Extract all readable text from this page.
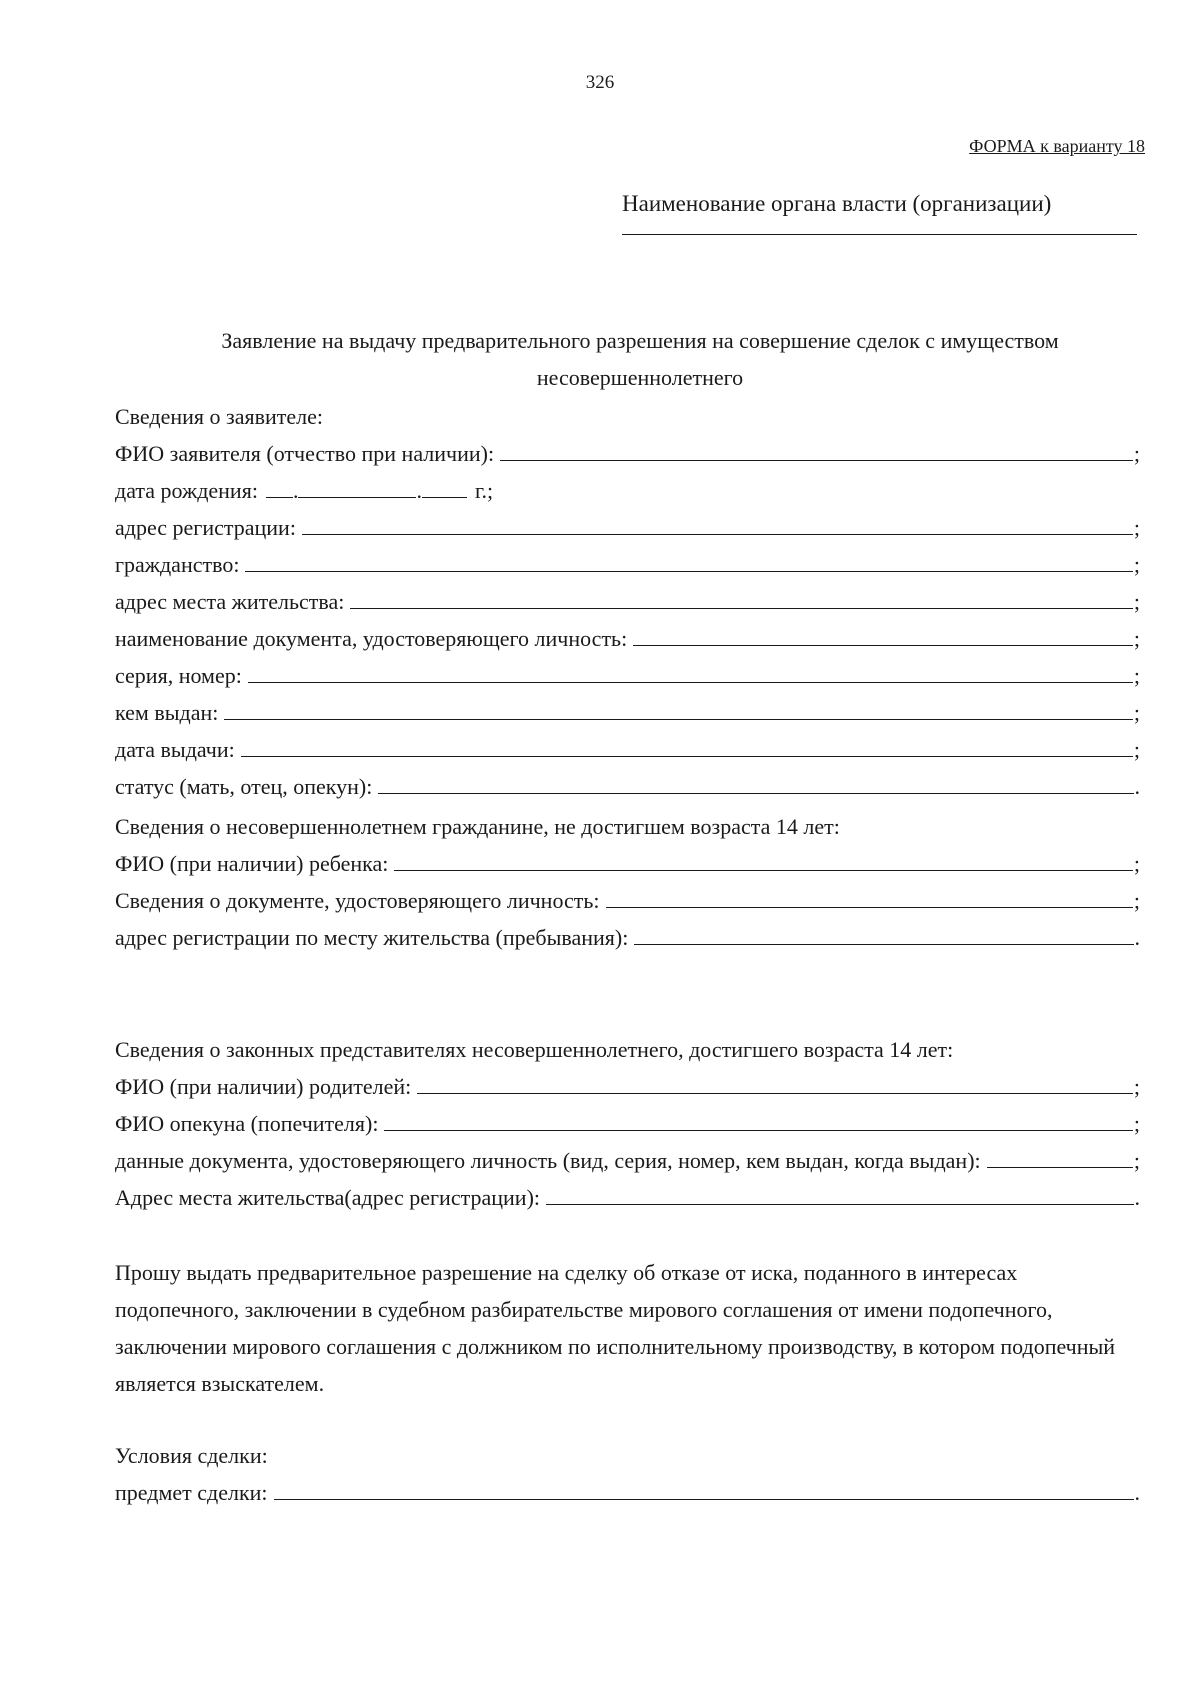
326
ФОРМА к варианту 18
Наименование органа власти (организации)
Заявление на выдачу предварительного разрешения на совершение сделок с имуществом несовершеннолетнего
Сведения о заявителе:
ФИО заявителя (отчество при наличии):	;
дата рождения: .	. г.;
адрес регистрации:	;
гражданство:	;
адрес места жительства:	;
наименование документа, удостоверяющего личность:	;
серия, номер:	;
кем выдан:	;
дата выдачи:	;
статус (мать, отец, опекун):	.
Сведения о несовершеннолетнем гражданине, не достигшем возраста 14 лет:
ФИО (при наличии) ребенка:	;
Сведения о документе, удостоверяющего личность:	;
адрес регистрации по месту жительства (пребывания):	.
Сведения о законных представителях несовершеннолетнего, достигшего возраста 14 лет:
ФИО (при наличии) родителей:	;
ФИО опекуна (попечителя):	;
данные документа, удостоверяющего личность (вид, серия, номер, кем выдан, когда выдан):	;
Адрес места жительства(адрес регистрации):	.
Прошу выдать предварительное разрешение на сделку об отказе от иска, поданного в интересах подопечного, заключении в судебном разбирательстве мирового соглашения от имени подопечного, заключении мирового соглашения с должником по исполнительному производству, в котором подопечный является взыскателем.
Условия сделки:
предмет сделки:	.
